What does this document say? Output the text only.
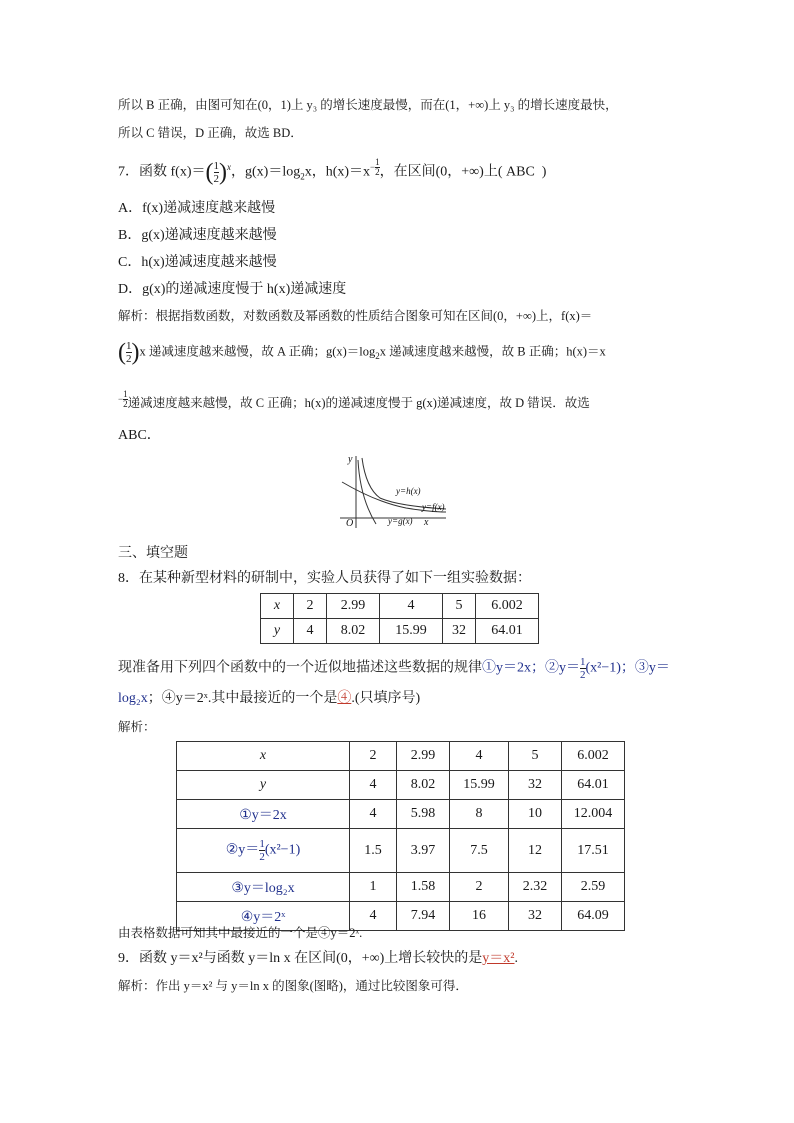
所以 B 正确，由图可知在(0，1)上 y₃ 的增长速度最慢，而在(1，+∞)上 y₃ 的增长速度最快，
所以 C 错误，D 正确，故选 BD．
7．函数 $f(x)=( \frac{1}{2} )^x$，$g(x)=\log_2x$，$h(x)=x^{- \frac{1}{2}}$ ，在区间(0，+∞)上( ABC )
A．f(x)递减速度越来越慢
B．g(x)递减速度越来越慢
C．h(x)递减速度越来越慢
D．g(x)的递减速度慢于 h(x)递减速度
解析：根据指数函数，对数函数及幂函数的性质结合图象可知在区间(0，+∞)上，f(x)＝
( $\frac{1}{2} )x$ 递减速度越来越慢，故 A 正确；$g(x)=\log_2x$ 递减速度越来越慢，故 B 正确；h(x)＝x
$^{- \frac{1}{2}}$ 递减速度越来越慢，故 C 正确；h(x)的递减速度慢于 g(x)递减速度，故 D 错误．故选
ABC．
y
x
O
y=h(x)
y=f(x)
y=g(x)
三、填空题
8．在某种新型材料的研制中，实验人员获得了如下一组实验数据：
x	2	2.99	4	5	6.002
y	4	8.02	15.99	32	64.01
现准备用下列四个函数中的一个近似地描述这些数据的规律①y＝2x；②y＝ $\frac{1}{2} (x^2-1)$；③y＝
log₂x；④y＝2ˣ.其中最接近的一个是④.(只填序号)
解析：
x	2	2.99	4	5	6.002
y	4	8.02	15.99	32	64.01
①y＝2x	4	5.98	8	10	12.004
②y＝ $\frac{1}{2} (x^2-1)$	1.5	3.97	7.5	12	17.51
③y＝log₂x	1	1.58	2	2.32	2.59
④y＝2ˣ	4	7.94	16	32	64.09
由表格数据可知其中最接近的一个是④y＝2ˣ.
9．函数 y＝x²与函数 y＝ln x 在区间(0，+∞)上增长较快的是y＝x².
解析：作出 y＝x² 与 y＝ln x 的图象(图略)，通过比较图象可得．
